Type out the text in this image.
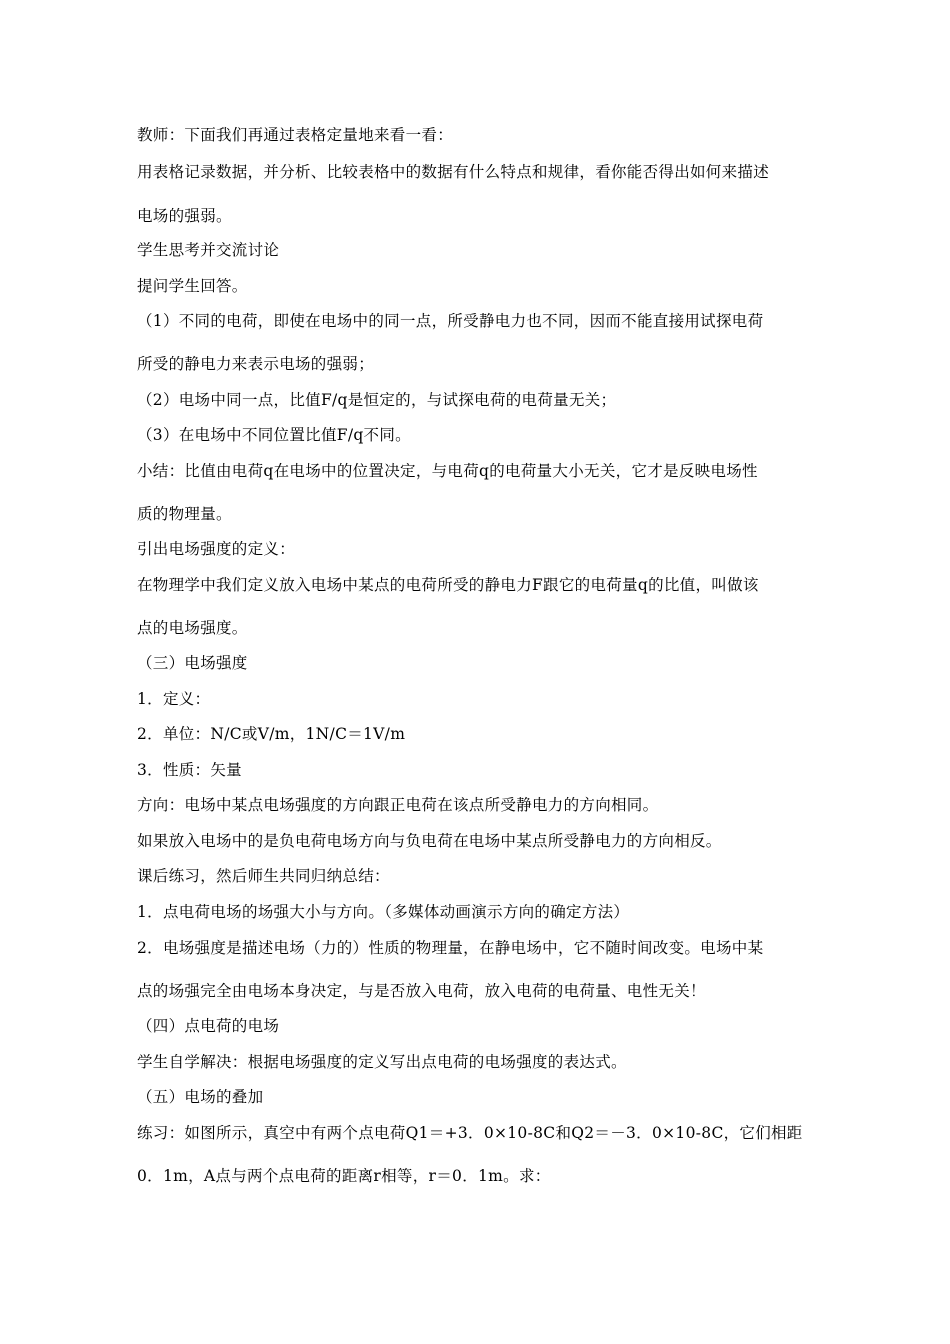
教师：下面我们再通过表格定量地来看一看：
用表格记录数据，并分析、比较表格中的数据有什么特点和规律，看你能否得出如何来描述
电场的强弱。
学生思考并交流讨论
提问学生回答。
（1）不同的电荷，即使在电场中的同一点，所受静电力也不同，因而不能直接用试探电荷
所受的静电力来表示电场的强弱；
（2）电场中同一点，比值F/q是恒定的，与试探电荷的电荷量无关；
（3）在电场中不同位置比值F/q不同。
小结：比值由电荷q在电场中的位置决定，与电荷q的电荷量大小无关，它才是反映电场性
质的物理量。
引出电场强度的定义：
在物理学中我们定义放入电场中某点的电荷所受的静电力F跟它的电荷量q的比值，叫做该
点的电场强度。
（三）电场强度
1．定义：
2．单位：N/C或V/m，1N/C＝1V/m
3．性质：矢量
方向：电场中某点电场强度的方向跟正电荷在该点所受静电力的方向相同。
如果放入电场中的是负电荷电场方向与负电荷在电场中某点所受静电力的方向相反。
课后练习，然后师生共同归纳总结：
1．点电荷电场的场强大小与方向。（多媒体动画演示方向的确定方法）
2．电场强度是描述电场（力的）性质的物理量，在静电场中，它不随时间改变。电场中某
点的场强完全由电场本身决定，与是否放入电荷，放入电荷的电荷量、电性无关！
（四）点电荷的电场
学生自学解决：根据电场强度的定义写出点电荷的电场强度的表达式。
（五）电场的叠加
练习：如图所示，真空中有两个点电荷Q1＝+3．0×10-8C和Q2＝－3．0×10-8C，它们相距
0．1m，A点与两个点电荷的距离r相等，r＝0．1m。求：
